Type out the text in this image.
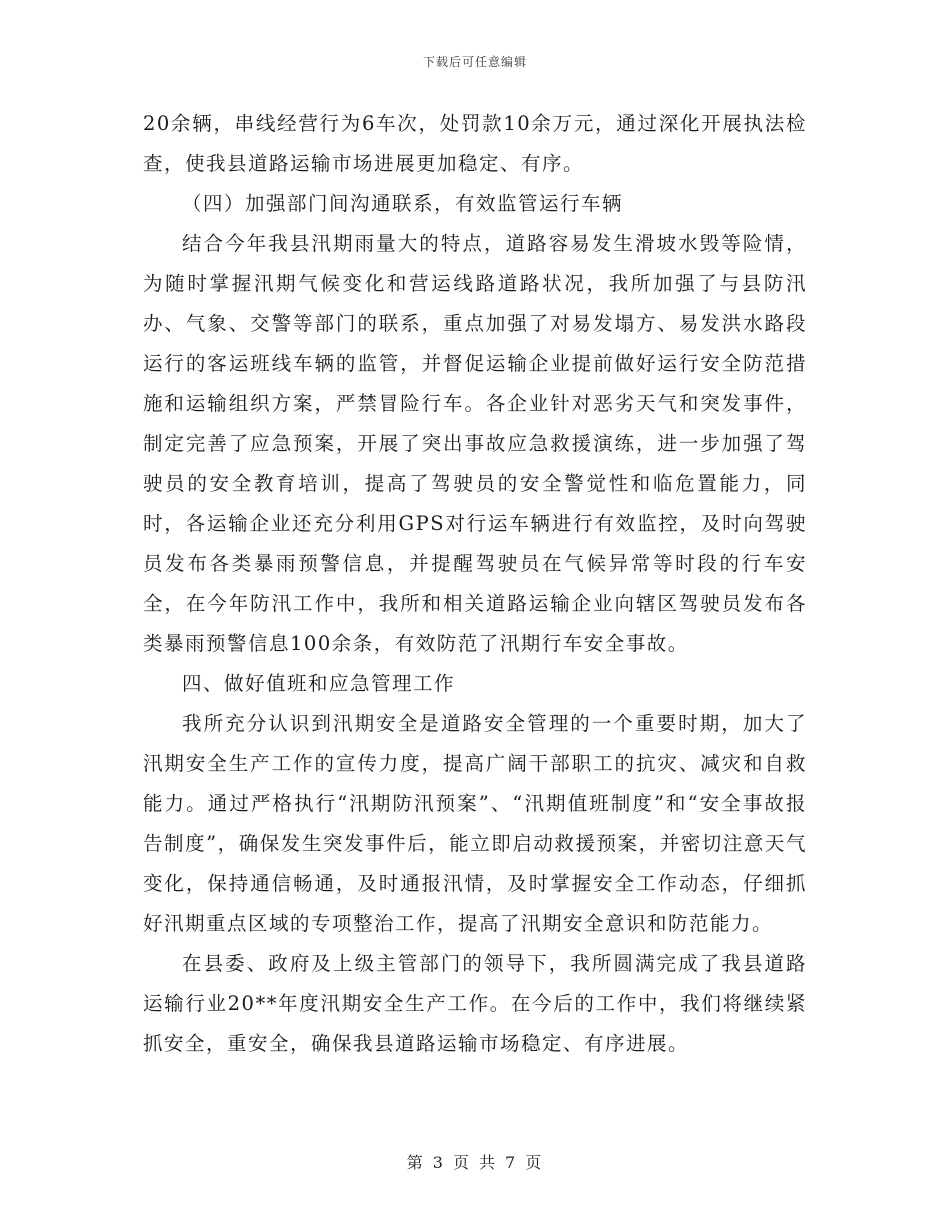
下载后可任意编辑

20余辆，串线经营行为6车次，处罚款10余万元，通过深化开展执法检查，使我县道路运输市场进展更加稳定、有序。

（四）加强部门间沟通联系，有效监管运行车辆

结合今年我县汛期雨量大的特点，道路容易发生滑坡水毁等险情，为随时掌握汛期气候变化和营运线路道路状况，我所加强了与县防汛办、气象、交警等部门的联系，重点加强了对易发塌方、易发洪水路段运行的客运班线车辆的监管，并督促运输企业提前做好运行安全防范措施和运输组织方案，严禁冒险行车。各企业针对恶劣天气和突发事件，制定完善了应急预案，开展了突出事故应急救援演练，进一步加强了驾驶员的安全教育培训，提高了驾驶员的安全警觉性和临危置能力，同时，各运输企业还充分利用GPS对行运车辆进行有效监控，及时向驾驶员发布各类暴雨预警信息，并提醒驾驶员在气候异常等时段的行车安全，在今年防汛工作中，我所和相关道路运输企业向辖区驾驶员发布各类暴雨预警信息100余条，有效防范了汛期行车安全事故。

四、做好值班和应急管理工作

我所充分认识到汛期安全是道路安全管理的一个重要时期，加大了汛期安全生产工作的宣传力度，提高广阔干部职工的抗灾、减灾和自救能力。通过严格执行“汛期防汛预案”、“汛期值班制度”和“安全事故报告制度”，确保发生突发事件后，能立即启动救援预案，并密切注意天气变化，保持通信畅通，及时通报汛情，及时掌握安全工作动态，仔细抓好汛期重点区域的专项整治工作，提高了汛期安全意识和防范能力。

在县委、政府及上级主管部门的领导下，我所圆满完成了我县道路运输行业20**年度汛期安全生产工作。在今后的工作中，我们将继续紧抓安全，重安全，确保我县道路运输市场稳定、有序进展。

第 3 页 共 7 页
